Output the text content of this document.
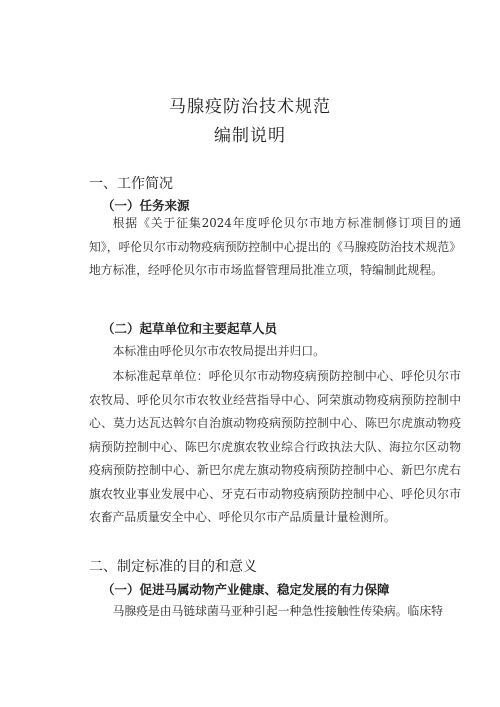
马腺疫防治技术规范
编制说明
一、工作简况
（一）任务来源
根据《关于征集2024年度呼伦贝尔市地方标准制修订项目的通知》，呼伦贝尔市动物疫病预防控制中心提出的《马腺疫防治技术规范》地方标准，经呼伦贝尔市市场监督管理局批准立项，特编制此规程。
（二）起草单位和主要起草人员
本标准由呼伦贝尔市农牧局提出并归口。
本标准起草单位：呼伦贝尔市动物疫病预防控制中心、呼伦贝尔市农牧局、呼伦贝尔市农牧业经营指导中心、阿荣旗动物疫病预防控制中心、莫力达瓦达斡尔自治旗动物疫病预防控制中心、陈巴尔虎旗动物疫病预防控制中心、陈巴尔虎旗农牧业综合行政执法大队、海拉尔区动物疫病预防控制中心、新巴尔虎左旗动物疫病预防控制中心、新巴尔虎右旗农牧业事业发展中心、牙克石市动物疫病预防控制中心、呼伦贝尔市农畜产品质量安全中心、呼伦贝尔市产品质量计量检测所。
二、制定标准的目的和意义
（一）促进马属动物产业健康、稳定发展的有力保障
马腺疫是由马链球菌马亚种引起一种急性接触性传染病。临床特
